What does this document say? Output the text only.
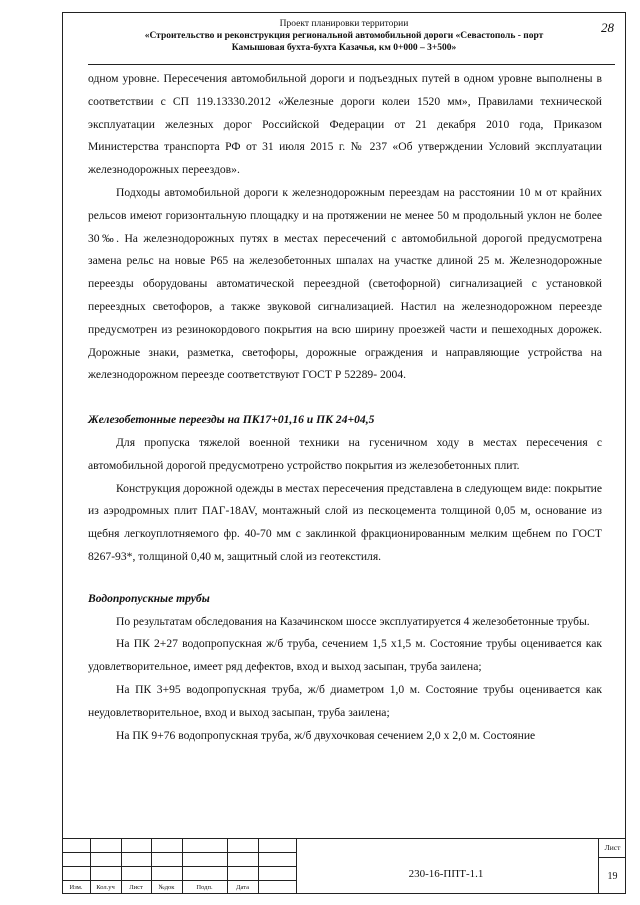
Проект планировки территории
«Строительство и реконструкция региональной автомобильной дороги «Севастополь - порт
Камышовая бухта-бухта Казачья, км 0+000 – 3+500»
28

одном уровне. Пересечения автомобильной дороги и подъездных путей в одном уровне выполнены в соответствии с СП 119.13330.2012 «Железные дороги колеи 1520 мм», Правилами технической эксплуатации железных дорог Российской Федерации от 21 декабря 2010 года, Приказом Министерства транспорта РФ от 31 июля 2015 г. № 237 «Об утверждении Условий эксплуатации железнодорожных переездов».

Подходы автомобильной дороги к железнодорожным переездам на расстоянии 10 м от крайних рельсов имеют горизонтальную площадку и на протяжении не менее 50 м продольный уклон не более 30‰. На железнодорожных путях в местах пересечений с автомобильной дорогой предусмотрена замена рельс на новые Р65 на железобетонных шпалах на участке длиной 25 м. Железнодорожные переезды оборудованы автоматической переездной (светофорной) сигнализацией с установкой переездных светофоров, а также звуковой сигнализацией. Настил на железнодорожном переезде предусмотрен из резинокордового покрытия на всю ширину проезжей части и пешеходных дорожек. Дорожные знаки, разметка, светофоры, дорожные ограждения и направляющие устройства на железнодорожном переезде соответствуют ГОСТ Р 52289- 2004.

Железобетонные переезды на ПК17+01,16 и ПК 24+04,5

Для пропуска тяжелой военной техники на гусеничном ходу в местах пересечения с автомобильной дорогой предусмотрено устройство покрытия из железобетонных плит.

Конструкция дорожной одежды в местах пересечения представлена в следующем виде: покрытие из аэродромных плит ПАГ-18AV, монтажный слой из пескоцемента толщиной 0,05 м, основание из щебня легкоуплотняемого фр. 40-70 мм с заклинкой фракционированным мелким щебнем по ГОСТ 8267-93*, толщиной 0,40 м, защитный слой из геотекстиля.

Водопропускные трубы

По результатам обследования на Казачинском шоссе эксплуатируется 4 железобетонные трубы.

На ПК 2+27 водопропускная ж/б труба, сечением 1,5 х1,5 м. Состояние трубы оценивается как удовлетворительное, имеет ряд дефектов, вход и выход засыпан, труба заилена;

На ПК 3+95 водопропускная труба, ж/б диаметром 1,0 м. Состояние трубы оценивается как неудовлетворительное, вход и выход засыпан, труба заилена;

На ПК 9+76 водопропускная труба, ж/б двухочковая сечением 2,0 х 2,0 м. Состояние

Изм.	Кол.уч	Лист	№док	Подп.	Дата
230-16-ППТ-1.1
Лист
19
